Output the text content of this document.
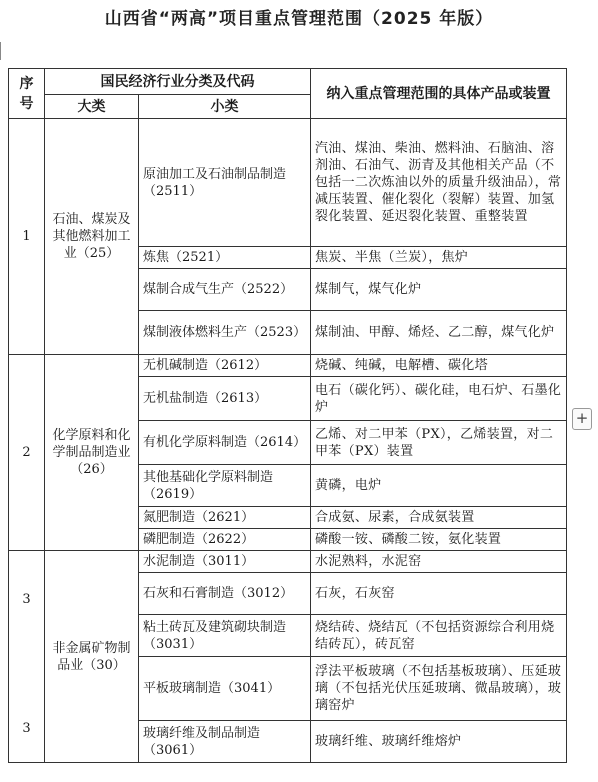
山西省“两高”项目重点管理范围（2025 年版）
序号	国民经济行业分类及代码		纳入重点管理范围的具体产品或装置
	大类	小类	
1	石油、煤炭及其他燃料加工业（25）	原油加工及石油制品制造（2511）	汽油、煤油、柴油、燃料油、石脑油、溶剂油、石油气、沥青及其他相关产品（不包括一二次炼油以外的质量升级油品），常减压装置、催化裂化（裂解）装置、加氢裂化装置、延迟裂化装置、重整装置
		炼焦（2521）	焦炭、半焦（兰炭），焦炉
		煤制合成气生产（2522）	煤制气，煤气化炉
		煤制液体燃料生产（2523）	煤制油、甲醇、烯烃、乙二醇，煤气化炉
2	化学原料和化学制品制造业（26）	无机碱制造（2612）	烧碱、纯碱，电解槽、碳化塔
		无机盐制造（2613）	电石（碳化钙）、碳化硅，电石炉、石墨化炉
		有机化学原料制造（2614）	乙烯、对二甲苯（PX），乙烯装置，对二甲苯（PX）装置
		其他基础化学原料制造（2619）	黄磷，电炉
		氮肥制造（2621）	合成氨、尿素，合成氨装置
		磷肥制造（2622）	磷酸一铵、磷酸二铵，氨化装置

3
3	非金属矿物制品业（30）	水泥制造（3011）	水泥熟料，水泥窑
		石灰和石膏制造（3012）	石灰，石灰窑
		粘土砖瓦及建筑砌块制造（3031）	烧结砖、烧结瓦（不包括资源综合利用烧结砖瓦），砖瓦窑
		平板玻璃制造（3041）	浮法平板玻璃（不包括基板玻璃）、压延玻璃（不包括光伏压延玻璃、微晶玻璃），玻璃窑炉
		玻璃纤维及制品制造（3061）	玻璃纤维、玻璃纤维熔炉
+
